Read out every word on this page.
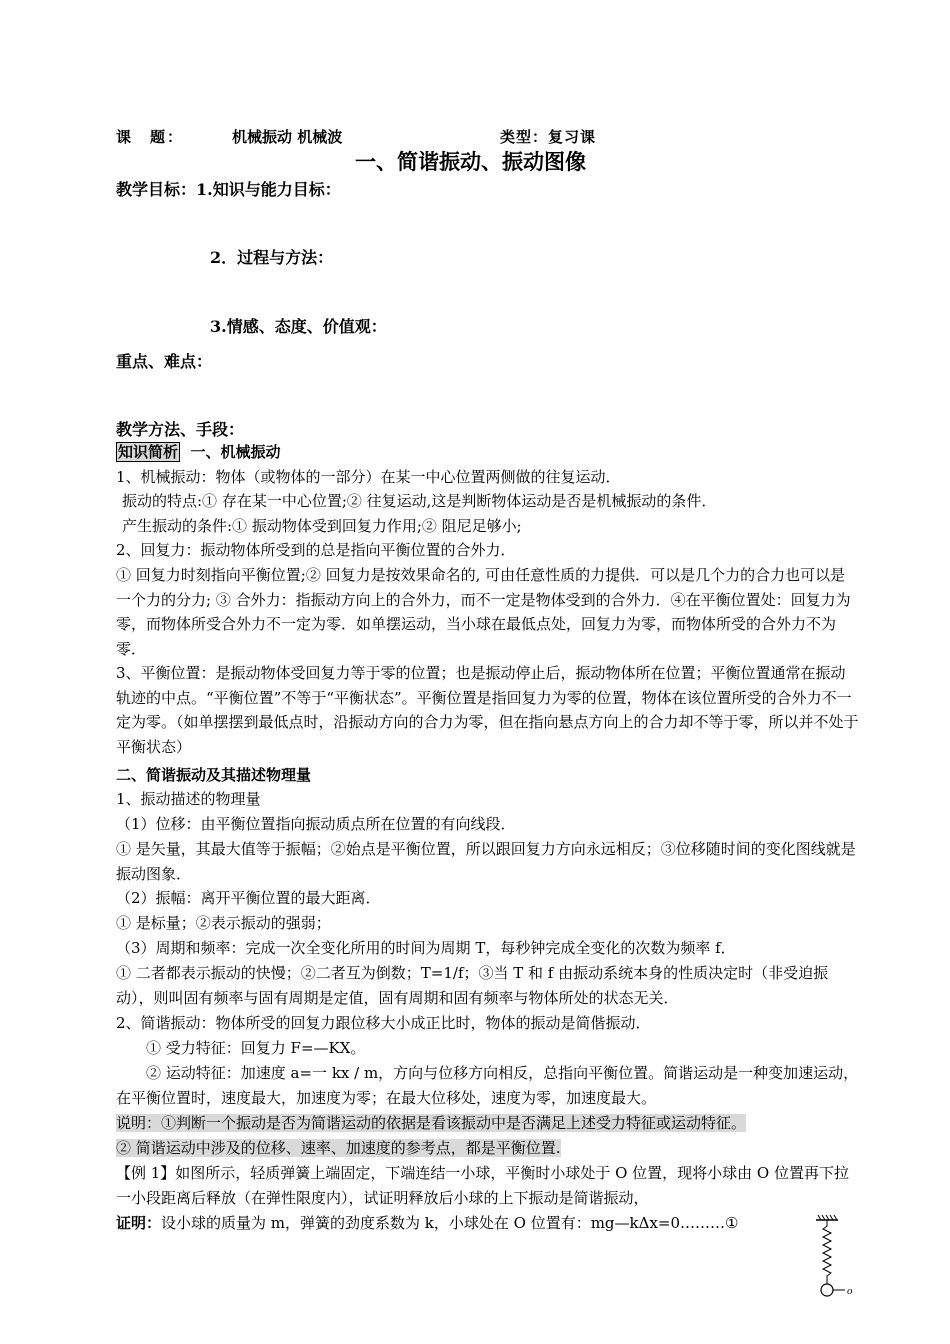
课　题：	机械振动 机械波	类型：复习课
一、简谐振动、振动图像
教学目标：1.知识与能力目标：
2．过程与方法：
3.情感、态度、价值观：
重点、难点：
教学方法、手段：
知识简析 一、机械振动
1、机械振动：物体（或物体的一部分）在某一中心位置两侧做的往复运动．
振动的特点:① 存在某一中心位置;② 往复运动,这是判断物体运动是否是机械振动的条件．
产生振动的条件:① 振动物体受到回复力作用;② 阻尼足够小;
2、回复力：振动物体所受到的总是指向平衡位置的合外力．
① 回复力时刻指向平衡位置;② 回复力是按效果命名的, 可由任意性质的力提供．可以是几个力的合力也可以是一个力的分力; ③ 合外力：指振动方向上的合外力，而不一定是物体受到的合外力．④在平衡位置处：回复力为零，而物体所受合外力不一定为零．如单摆运动，当小球在最低点处，回复力为零，而物体所受的合外力不为零．
3、平衡位置：是振动物体受回复力等于零的位置；也是振动停止后，振动物体所在位置；平衡位置通常在振动轨迹的中点。“平衡位置”不等于“平衡状态”。平衡位置是指回复力为零的位置，物体在该位置所受的合外力不一定为零。（如单摆摆到最低点时，沿振动方向的合力为零，但在指向悬点方向上的合力却不等于零，所以并不处于平衡状态）
二、简谐振动及其描述物理量
1、振动描述的物理量
（1）位移：由平衡位置指向振动质点所在位置的有向线段．
① 是矢量，其最大值等于振幅；②始点是平衡位置，所以跟回复力方向永远相反；③位移随时间的变化图线就是振动图象．
（2）振幅：离开平衡位置的最大距离．
① 是标量；②表示振动的强弱；
（3）周期和频率：完成一次全变化所用的时间为周期 T，每秒钟完成全变化的次数为频率 f．
① 二者都表示振动的快慢；②二者互为倒数；T=1/f；③当 T 和 f 由振动系统本身的性质决定时（非受迫振动），则叫固有频率与固有周期是定值，固有周期和固有频率与物体所处的状态无关．
2、简谐振动：物体所受的回复力跟位移大小成正比时，物体的振动是简偕振动．
① 受力特征：回复力 F=—KX。
② 运动特征：加速度 a=一 kx / m，方向与位移方向相反，总指向平衡位置。简谐运动是一种变加速运动，在平衡位置时，速度最大，加速度为零；在最大位移处，速度为零，加速度最大。
说明：①判断一个振动是否为简谐运动的依据是看该振动中是否满足上述受力特征或运动特征。
② 简谐运动中涉及的位移、速率、加速度的参考点，都是平衡位置.
【例 1】如图所示，轻质弹簧上端固定，下端连结一小球，平衡时小球处于 O 位置，现将小球由 O 位置再下拉一小段距离后释放（在弹性限度内），试证明释放后小球的上下振动是简谐振动，
证明：设小球的质量为 m，弹簧的劲度系数为 k，小球处在 O 位置有：mg—kΔx=0………①
o
